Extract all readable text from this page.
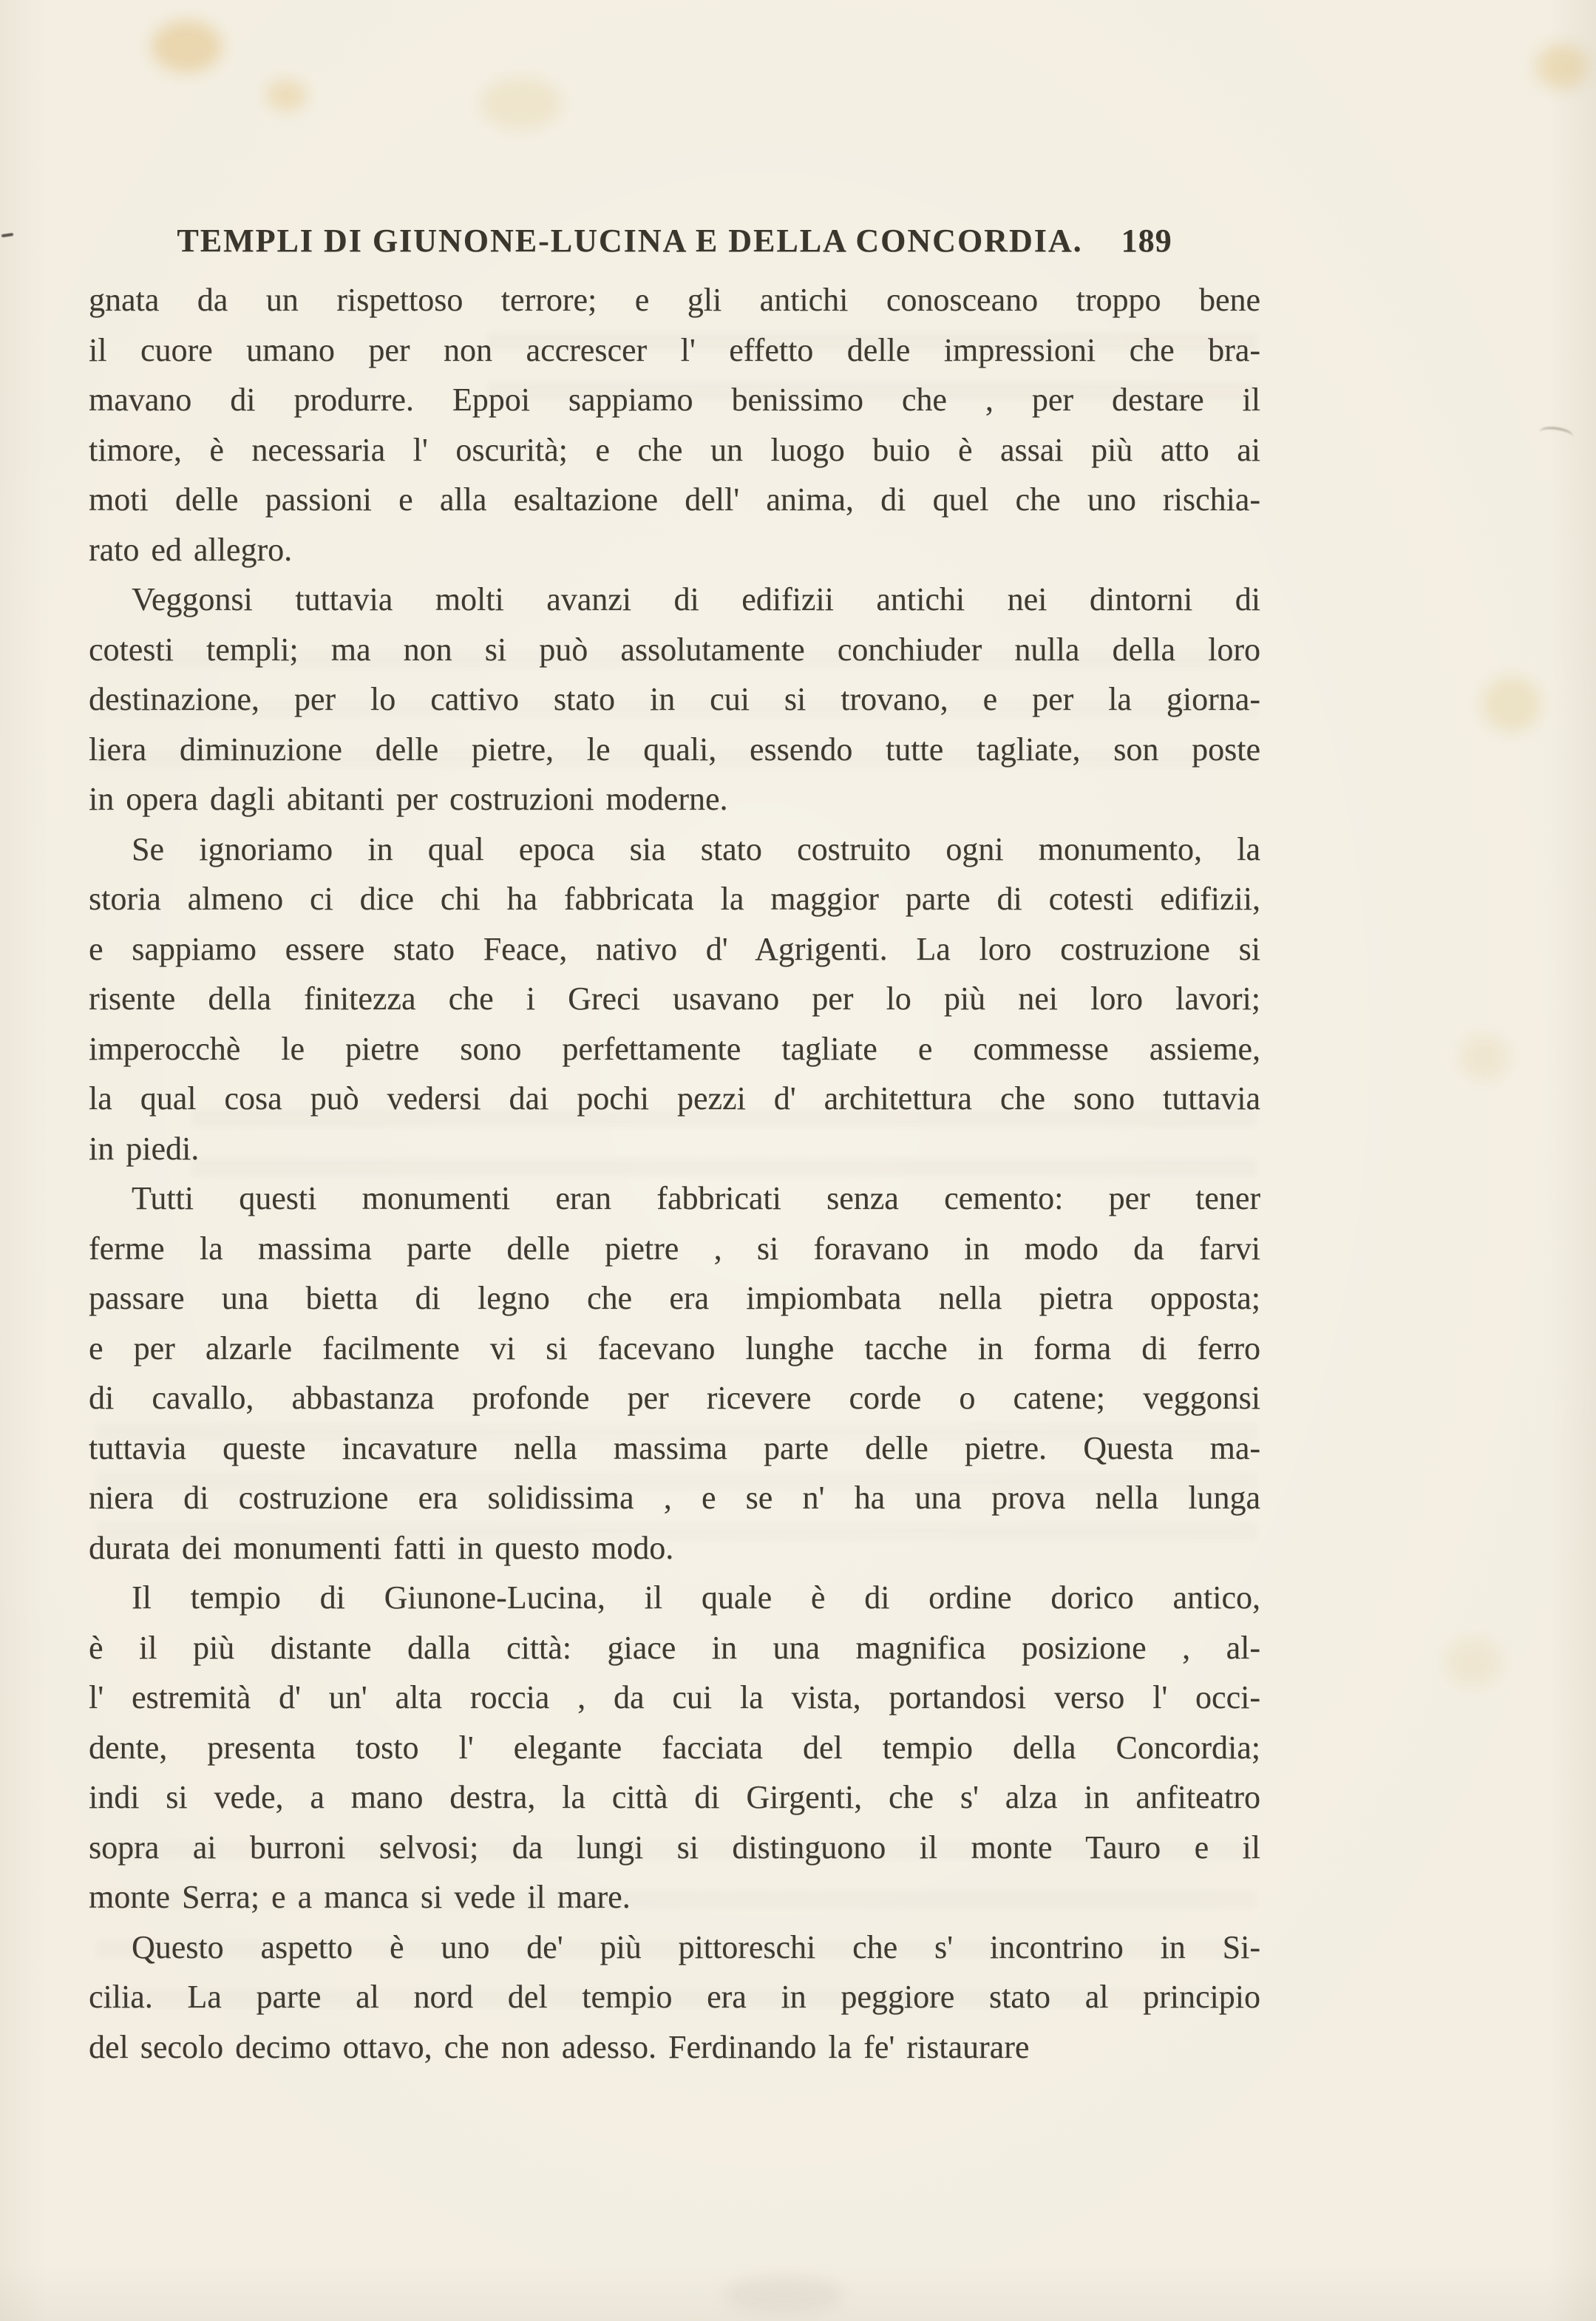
TEMPLI DI GIUNONE-LUCINA E DELLA CONCORDIA. 189
gnata da un rispettoso terrore; e gli antichi conosceano troppo bene
il cuore umano per non accrescer l' effetto delle impressioni che bra-
mavano di produrre. Eppoi sappiamo benissimo che , per destare il
timore, è necessaria l' oscurità; e che un luogo buio è assai più atto ai
moti delle passioni e alla esaltazione dell' anima, di quel che uno rischia-
rato ed allegro.
Veggonsi tuttavia molti avanzi di edifizii antichi nei dintorni di
cotesti templi; ma non si può assolutamente conchiuder nulla della loro
destinazione, per lo cattivo stato in cui si trovano, e per la giorna-
liera diminuzione delle pietre, le quali, essendo tutte tagliate, son poste
in opera dagli abitanti per costruzioni moderne.
Se ignoriamo in qual epoca sia stato costruito ogni monumento, la
storia almeno ci dice chi ha fabbricata la maggior parte di cotesti edifizii,
e sappiamo essere stato Feace, nativo d' Agrigenti. La loro costruzione si
risente della finitezza che i Greci usavano per lo più nei loro lavori;
imperocchè le pietre sono perfettamente tagliate e commesse assieme,
la qual cosa può vedersi dai pochi pezzi d' architettura che sono tuttavia
in piedi.
Tutti questi monumenti eran fabbricati senza cemento: per tener
ferme la massima parte delle pietre , si foravano in modo da farvi
passare una bietta di legno che era impiombata nella pietra opposta;
e per alzarle facilmente vi si facevano lunghe tacche in forma di ferro
di cavallo, abbastanza profonde per ricevere corde o catene; veggonsi
tuttavia queste incavature nella massima parte delle pietre. Questa ma-
niera di costruzione era solidissima , e se n' ha una prova nella lunga
durata dei monumenti fatti in questo modo.
Il tempio di Giunone-Lucina, il quale è di ordine dorico antico,
è il più distante dalla città: giace in una magnifica posizione , al-
l' estremità d' un' alta roccia , da cui la vista, portandosi verso l' occi-
dente, presenta tosto l' elegante facciata del tempio della Concordia;
indi si vede, a mano destra, la città di Girgenti, che s' alza in anfiteatro
sopra ai burroni selvosi; da lungi si distinguono il monte Tauro e il
monte Serra; e a manca si vede il mare.
Questo aspetto è uno de' più pittoreschi che s' incontrino in Si-
cilia. La parte al nord del tempio era in peggiore stato al principio
del secolo decimo ottavo, che non adesso. Ferdinando la fe' ristaurare
